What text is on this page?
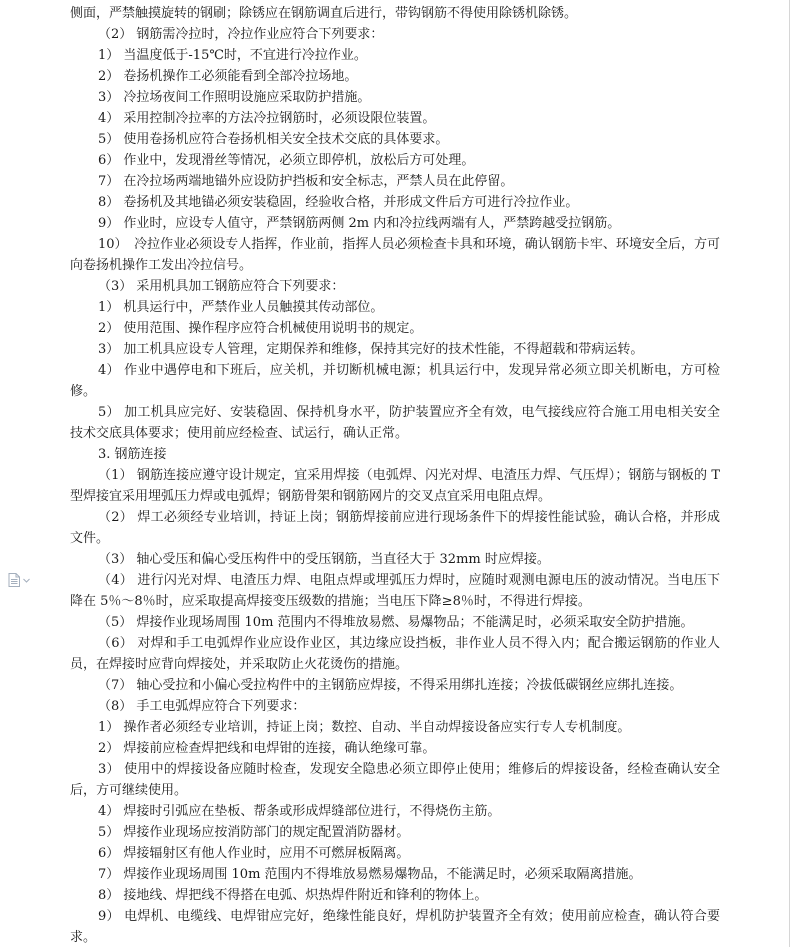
侧面，严禁触摸旋转的钢刷；除锈应在钢筋调直后进行，带钩钢筋不得使用除锈机除锈。

（2） 钢筋需冷拉时，冷拉作业应符合下列要求：

1） 当温度低于-15℃时，不宜进行冷拉作业。

2） 卷扬机操作工必须能看到全部冷拉场地。

3） 冷拉场夜间工作照明设施应采取防护措施。

4） 采用控制冷拉率的方法冷拉钢筋时，必须设限位装置。

5） 使用卷扬机应符合卷扬机相关安全技术交底的具体要求。

6） 作业中，发现滑丝等情况，必须立即停机，放松后方可处理。

7） 在冷拉场两端地锚外应设防护挡板和安全标志，严禁人员在此停留。

8） 卷扬机及其地锚必须安装稳固，经验收合格，并形成文件后方可进行冷拉作业。

9） 作业时，应设专人值守，严禁钢筋两侧 2m 内和冷拉线两端有人，严禁跨越受拉钢筋。

10）　冷拉作业必须设专人指挥，作业前，指挥人员必须检查卡具和环境，确认钢筋卡牢、环境安全后，方可向卷扬机操作工发出冷拉信号。

（3） 采用机具加工钢筋应符合下列要求：

1） 机具运行中，严禁作业人员触摸其传动部位。

2） 使用范围、操作程序应符合机械使用说明书的规定。

3） 加工机具应设专人管理，定期保养和维修，保持其完好的技术性能，不得超载和带病运转。

4） 作业中遇停电和下班后，应关机，并切断机械电源；机具运行中，发现异常必须立即关机断电，方可检修。

5） 加工机具应完好、安装稳固、保持机身水平，防护装置应齐全有效，电气接线应符合施工用电相关安全技术交底具体要求；使用前应经检查、试运行，确认正常。

3. 钢筋连接

（1） 钢筋连接应遵守设计规定，宜采用焊接（电弧焊、闪光对焊、电渣压力焊、气压焊）；钢筋与钢板的 T 型焊接宜采用埋弧压力焊或电弧焊；钢筋骨架和钢筋网片的交叉点宜采用电阻点焊。

（2） 焊工必须经专业培训，持证上岗；钢筋焊接前应进行现场条件下的焊接性能试验，确认合格，并形成文件。

（3） 轴心受压和偏心受压构件中的受压钢筋，当直径大于 32mm 时应焊接。

（4） 进行闪光对焊、电渣压力焊、电阻点焊或埋弧压力焊时，应随时观测电源电压的波动情况。当电压下降在 5％～8％时，应采取提高焊接变压级数的措施；当电压下降≥8％时，不得进行焊接。

（5） 焊接作业现场周围 10m 范围内不得堆放易燃、易爆物品；不能满足时，必须采取安全防护措施。

（6） 对焊和手工电弧焊作业应设作业区，其边缘应设挡板，非作业人员不得入内；配合搬运钢筋的作业人员，在焊接时应背向焊接处，并采取防止火花烫伤的措施。

（7） 轴心受拉和小偏心受拉构件中的主钢筋应焊接，不得采用绑扎连接；冷拔低碳钢丝应绑扎连接。

（8） 手工电弧焊应符合下列要求：

1） 操作者必须经专业培训，持证上岗；数控、自动、半自动焊接设备应实行专人专机制度。

2） 焊接前应检查焊把线和电焊钳的连接，确认绝缘可靠。

3） 使用中的焊接设备应随时检查，发现安全隐患必须立即停止使用；维修后的焊接设备，经检查确认安全后，方可继续使用。

4） 焊接时引弧应在垫板、帮条或形成焊缝部位进行，不得烧伤主筋。

5） 焊接作业现场应按消防部门的规定配置消防器材。

6） 焊接辐射区有他人作业时，应用不可燃屏板隔离。

7） 焊接作业现场周围 10m 范围内不得堆放易燃易爆物品，不能满足时，必须采取隔离措施。

8） 接地线、焊把线不得搭在电弧、炽热焊件附近和锋利的物体上。

9） 电焊机、电缆线、电焊钳应完好，绝缘性能良好，焊机防护装置齐全有效；使用前应检查，确认符合要求。
